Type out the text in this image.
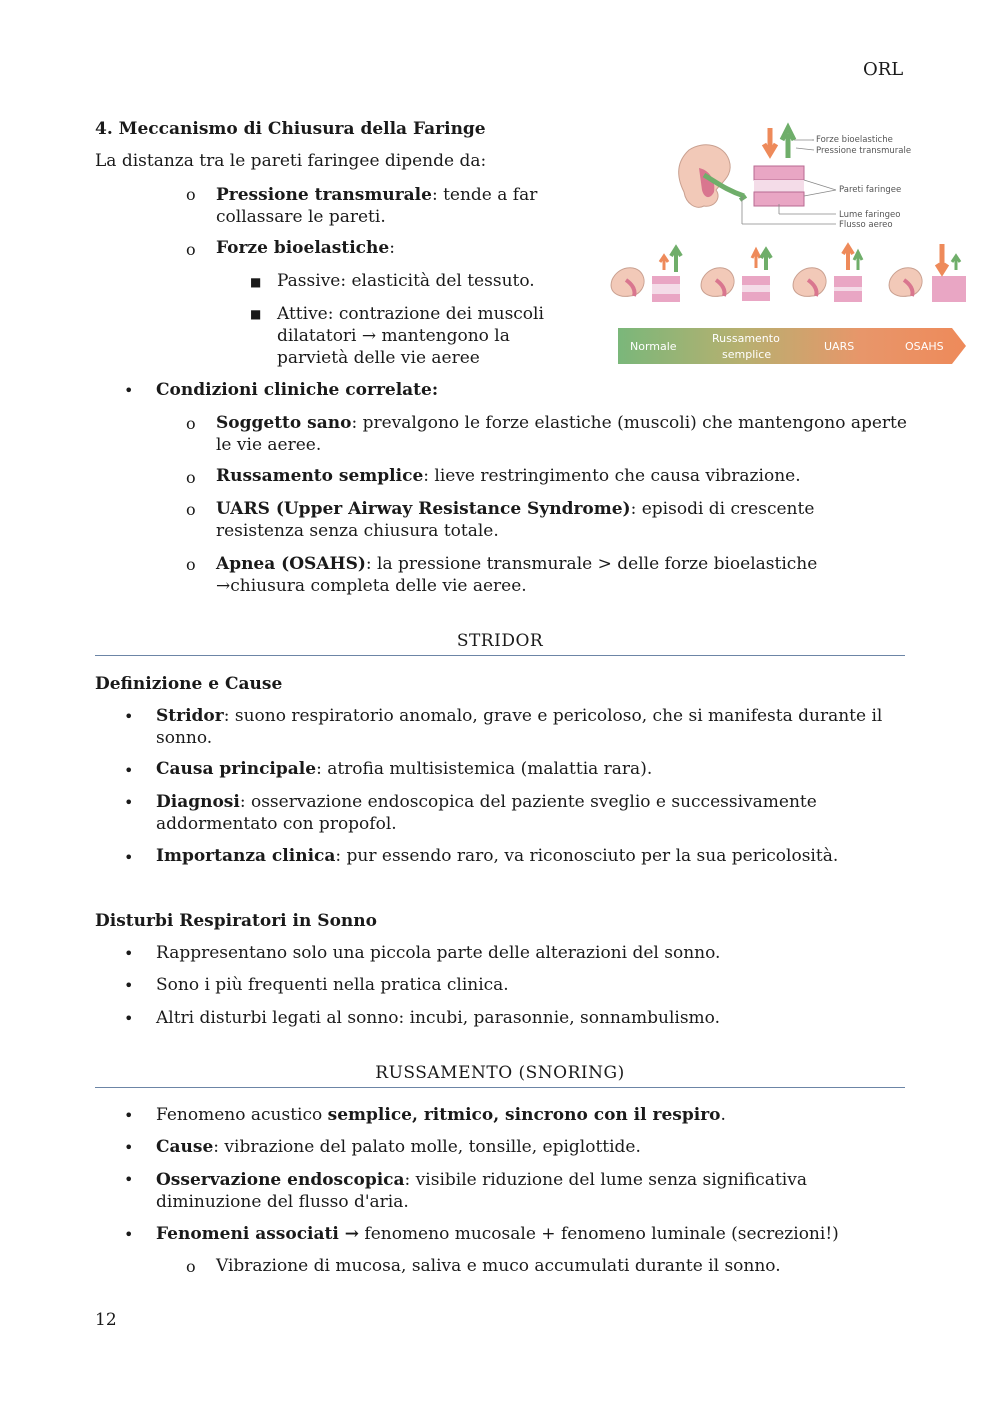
ORL
12
4. Meccanismo di Chiusura della Faringe
La distanza tra le pareti faringee dipende da:
o Pressione transmurale: tende a far
collassare le pareti.
o Forze bioelastiche:
■ Passive: elasticità del tessuto.
■ Attive: contrazione dei muscoli
dilatatori → mantengono la
parvietà delle vie aeree
• Condizioni cliniche correlate:
o Soggetto sano: prevalgono le forze elastiche (muscoli) che mantengono aperte
le vie aeree.
o Russamento semplice: lieve restringimento che causa vibrazione.
o UARS (Upper Airway Resistance Syndrome): episodi di crescente
resistenza senza chiusura totale.
o Apnea (OSAHS): la pressione transmurale > delle forze bioelastiche
→chiusura completa delle vie aeree.
Forze bioelastiche
Pressione transmurale
Pareti faringee
Lume faringeo
Flusso aereo
Normale
Russamento
semplice
UARS	OSAHS
STRIDOR
Definizione e Cause
• Stridor: suono respiratorio anomalo, grave e pericoloso, che si manifesta durante il
sonno.
• Causa principale: atrofia multisistemica (malattia rara).
• Diagnosi: osservazione endoscopica del paziente sveglio e successivamente
addormentato con propofol.
• Importanza clinica: pur essendo raro, va riconosciuto per la sua pericolosità.
Disturbi Respiratori in Sonno
• Rappresentano solo una piccola parte delle alterazioni del sonno.
• Sono i più frequenti nella pratica clinica.
• Altri disturbi legati al sonno: incubi, parasonnie, sonnambulismo.
RUSSAMENTO (SNORING)
• Fenomeno acustico semplice, ritmico, sincrono con il respiro.
• Cause: vibrazione del palato molle, tonsille, epiglottide.
• Osservazione endoscopica: visibile riduzione del lume senza significativa
diminuzione del flusso d'aria.
• Fenomeni associati → fenomeno mucosale + fenomeno luminale (secrezioni!)
o Vibrazione di mucosa, saliva e muco accumulati durante il sonno.
